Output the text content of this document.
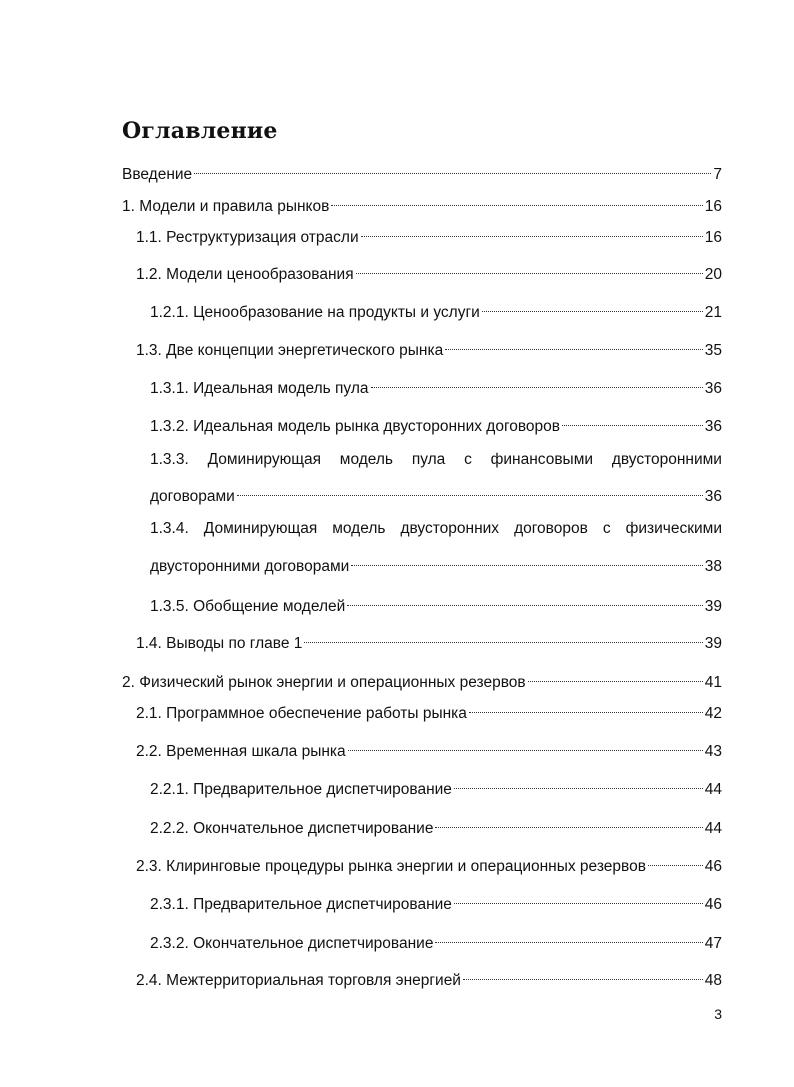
Оглавление
Введение	7
1. Модели и правила рынков	16
1.1. Реструктуризация отрасли	16
1.2. Модели ценообразования	20
1.2.1. Ценообразование на продукты и услуги	21
1.3. Две концепции энергетического рынка	35
1.3.1. Идеальная модель пула	36
1.3.2. Идеальная модель рынка двусторонних договоров	36
1.3.3. Доминирующая модель пула с финансовыми двусторонними
договорами	36
1.3.4. Доминирующая модель двусторонних договоров с физическими
двусторонними договорами	38
1.3.5. Обобщение моделей	39
1.4. Выводы по главе 1	39
2. Физический рынок энергии и операционных резервов	41
2.1. Программное обеспечение работы рынка	42
2.2. Временная шкала рынка	43
2.2.1. Предварительное диспетчирование	44
2.2.2. Окончательное диспетчирование	44
2.3. Клиринговые процедуры рынка энергии и операционных резервов	46
2.3.1. Предварительное диспетчирование	46
2.3.2. Окончательное диспетчирование	47
2.4. Межтерриториальная торговля энергией	48
3
